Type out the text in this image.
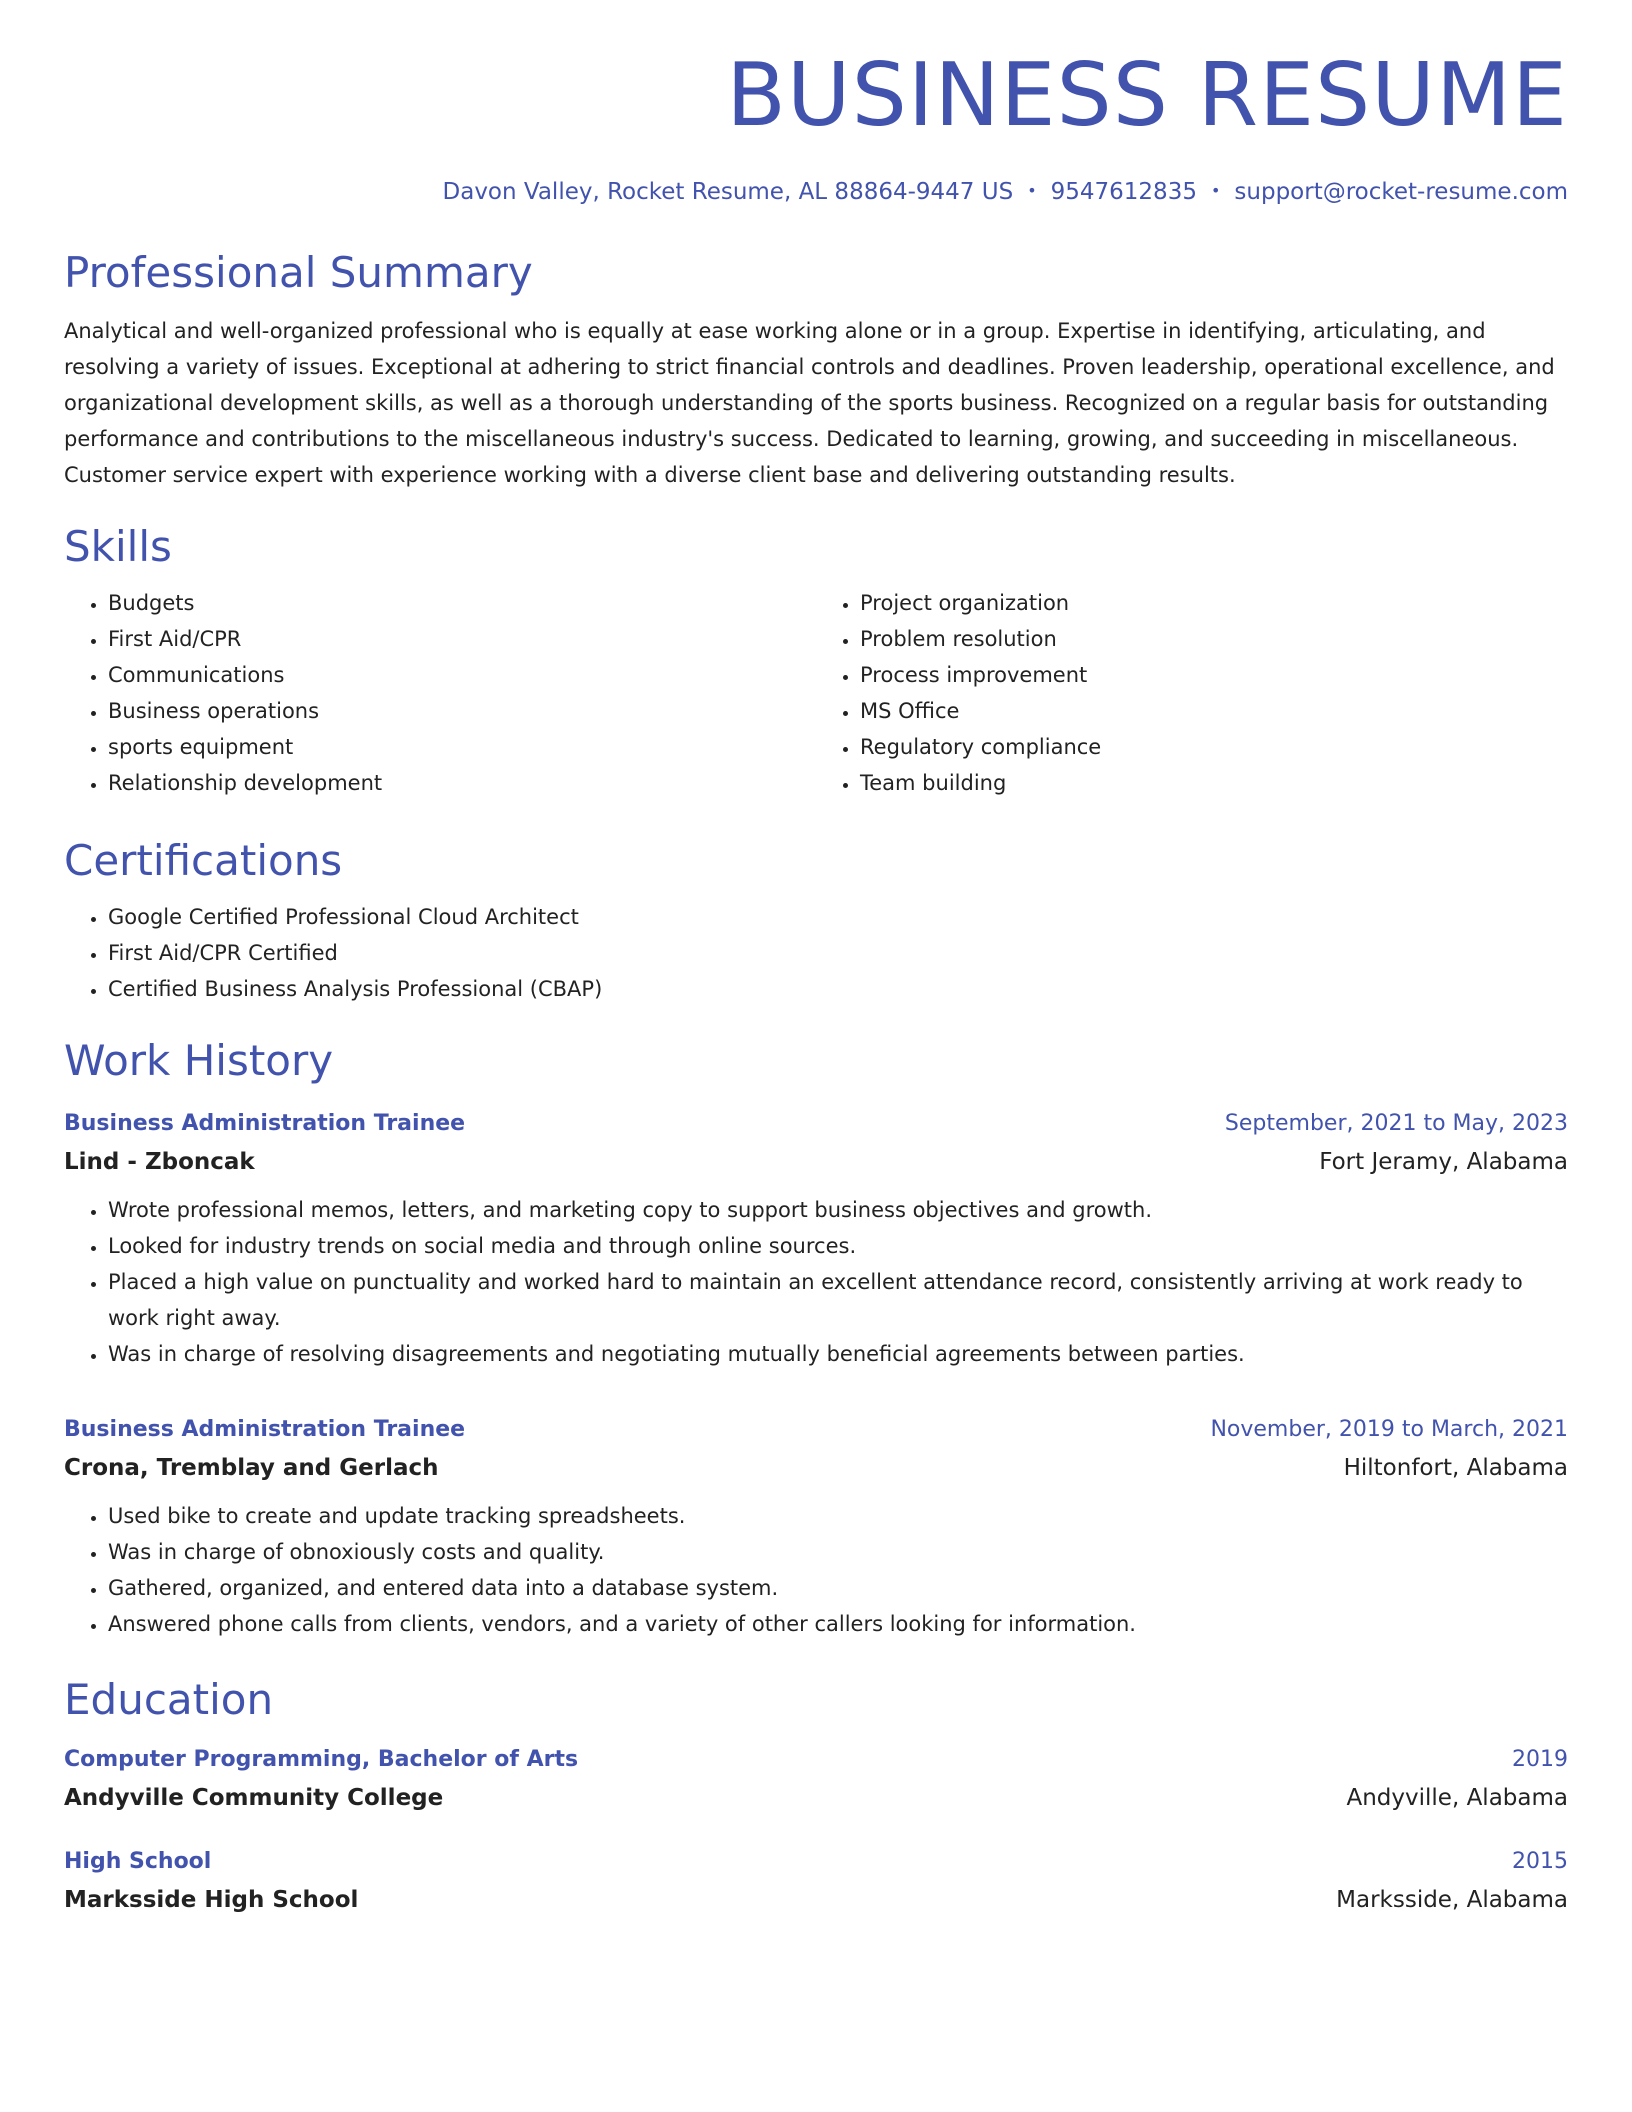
BUSINESS RESUME
Davon Valley, Rocket Resume, AL 88864-9447 US • 9547612835 • support@rocket-resume.com
Professional Summary

Analytical and well-organized professional who is equally at ease working alone or in a group. Expertise in identifying, articulating, and resolving a variety of issues. Exceptional at adhering to strict financial controls and deadlines. Proven leadership, operational excellence, and organizational development skills, as well as a thorough understanding of the sports business. Recognized on a regular basis for outstanding performance and contributions to the miscellaneous industry's success. Dedicated to learning, growing, and succeeding in miscellaneous. Customer service expert with experience working with a diverse client base and delivering outstanding results.

Skills
• Budgets
• First Aid/CPR
• Communications
• Business operations
• sports equipment
• Relationship development
• Project organization
• Problem resolution
• Process improvement
• MS Office
• Regulatory compliance
• Team building
Certifications
• Google Certified Professional Cloud Architect
• First Aid/CPR Certified
• Certified Business Analysis Professional (CBAP)
Work History
Business Administration Trainee	September, 2021 to May, 2023
Lind - Zboncak	Fort Jeramy, Alabama
• Wrote professional memos, letters, and marketing copy to support business objectives and growth.
• Looked for industry trends on social media and through online sources.
• Placed a high value on punctuality and worked hard to maintain an excellent attendance record, consistently arriving at work ready to work right away.
• Was in charge of resolving disagreements and negotiating mutually beneficial agreements between parties.
Business Administration Trainee	November, 2019 to March, 2021
Crona, Tremblay and Gerlach	Hiltonfort, Alabama
• Used bike to create and update tracking spreadsheets.
• Was in charge of obnoxiously costs and quality.
• Gathered, organized, and entered data into a database system.
• Answered phone calls from clients, vendors, and a variety of other callers looking for information.
Education
Computer Programming, Bachelor of Arts	2019
Andyville Community College	Andyville, Alabama
High School	2015
Marksside High School	Marksside, Alabama
